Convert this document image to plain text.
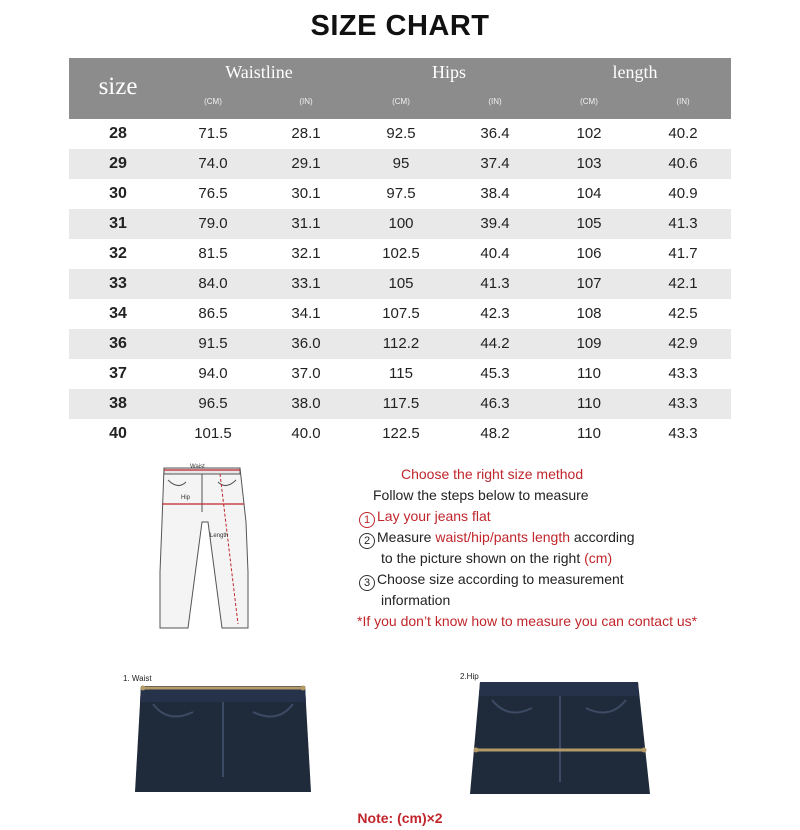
SIZE CHART
size
Waistline	Hips	length
(CM)	(IN)	(CM)	(IN)	(CM)	(IN)
28	71.5	28.1	92.5	36.4	102	40.2
29	74.0	29.1	95	37.4	103	40.6
30	76.5	30.1	97.5	38.4	104	40.9
31	79.0	31.1	100	39.4	105	41.3
32	81.5	32.1	102.5	40.4	106	41.7
33	84.0	33.1	105	41.3	107	42.1
34	86.5	34.1	107.5	42.3	108	42.5
36	91.5	36.0	112.2	44.2	109	42.9
37	94.0	37.0	115	45.3	110	43.3
38	96.5	38.0	117.5	46.3	110	43.3
40	101.5	40.0	122.5	48.2	110	43.3
Waist
Hip
Length
Choose the right size method
Follow the steps below to measure
1 Lay your jeans flat
2 Measure waist/hip/pants length according
to the picture shown on the right (cm)
3 Choose size according to measurement
information
*If you don’t know how to measure you can contact us*
1. Waist	2.Hip
Note: (cm)×2
